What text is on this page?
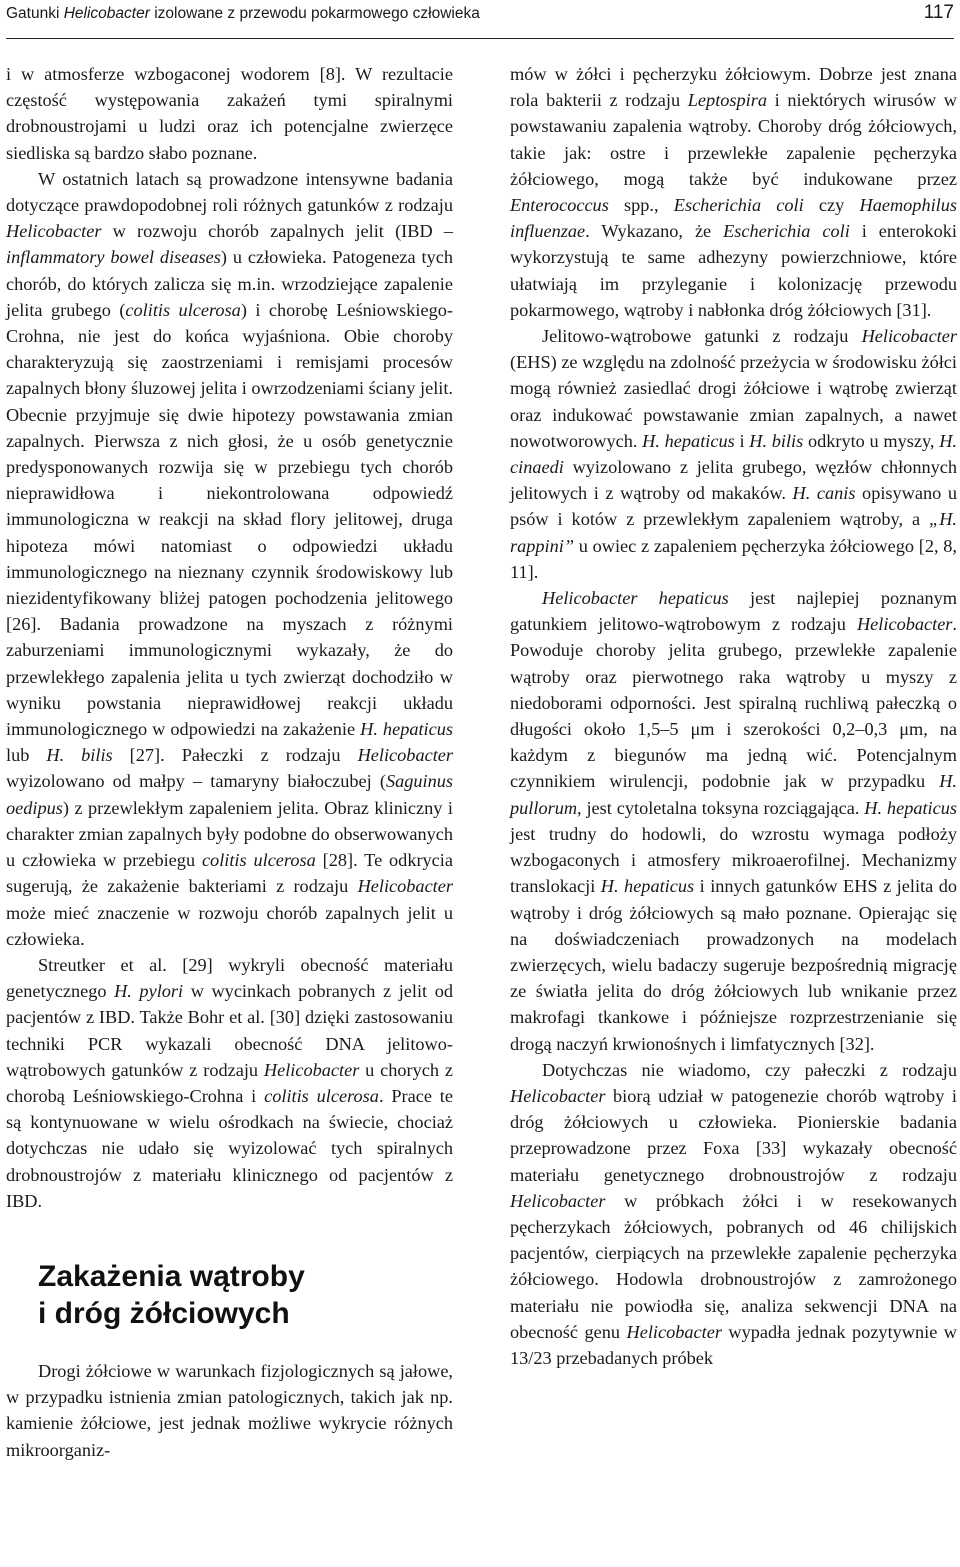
Gatunki Helicobacter izolowane z przewodu pokarmowego człowieka	117

i w atmosferze wzbogaconej wodorem [8]. W rezultacie częstość występowania zakażeń tymi spiralnymi drobnoustrojami u ludzi oraz ich potencjalne zwierzęce siedliska są bardzo słabo poznane.

W ostatnich latach są prowadzone intensywne badania dotyczące prawdopodobnej roli różnych gatunków z rodzaju Helicobacter w rozwoju chorób zapalnych jelit (IBD – inflammatory bowel diseases) u człowieka. Patogeneza tych chorób, do których zalicza się m.in. wrzodziejące zapalenie jelita grubego (colitis ulcerosa) i chorobę Leśniowskiego- Crohna, nie jest do końca wyjaśniona. Obie choroby charakteryzują się zaostrzeniami i remisjami procesów zapalnych błony śluzowej jelita i owrzodzeniami ściany jelit. Obecnie przyjmuje się dwie hipotezy powstawania zmian zapalnych. Pierwsza z nich głosi, że u osób genetycznie predysponowanych rozwija się w przebiegu tych chorób nieprawidłowa i niekontrolowana odpowiedź immunologiczna w reakcji na skład flory jelitowej, druga hipoteza mówi natomiast o odpowiedzi układu immunologicznego na nieznany czynnik środowiskowy lub niezidentyfikowany bliżej patogen pochodzenia jelitowego [26]. Badania prowadzone na myszach z różnymi zaburzeniami immunologicznymi wykazały, że do przewlekłego zapalenia jelita u tych zwierząt dochodziło w wyniku powstania nieprawidłowej reakcji układu immunologicznego w odpowiedzi na zakażenie H. hepaticus lub H. bilis [27]. Pałeczki z rodzaju Helicobacter wyizolowano od małpy – tamaryny białoczubej (Saguinus oedipus) z przewlekłym zapaleniem jelita. Obraz kliniczny i charakter zmian zapalnych były podobne do obserwowanych u człowieka w przebiegu colitis ulcerosa [28]. Te odkrycia sugerują, że zakażenie bakteriami z rodzaju Helicobacter może mieć znaczenie w rozwoju chorób zapalnych jelit u człowieka.

Streutker et al. [29] wykryli obecność materiału genetycznego H. pylori w wycinkach pobranych z jelit od pacjentów z IBD. Także Bohr et al. [30] dzięki zastosowaniu techniki PCR wykazali obecność DNA jelitowo-wątrobowych gatunków z rodzaju Helicobacter u chorych z chorobą Leśniowskiego-Crohna i colitis ulcerosa. Prace te są kontynuowane w wielu ośrodkach na świecie, chociaż dotychczas nie udało się wyizolować tych spiralnych drobnoustrojów z materiału klinicznego od pacjentów z IBD.

Zakażenia wątroby
i dróg żółciowych

Drogi żółciowe w warunkach fizjologicznych są jałowe, w przypadku istnienia zmian patologicznych, takich jak np. kamienie żółciowe, jest jednak możliwe wykrycie różnych mikroorganiz-

mów w żółci i pęcherzyku żółciowym. Dobrze jest znana rola bakterii z rodzaju Leptospira i niektórych wirusów w powstawaniu zapalenia wątroby. Choroby dróg żółciowych, takie jak: ostre i przewlekłe zapalenie pęcherzyka żółciowego, mogą także być indukowane przez Enterococcus spp., Escherichia coli czy Haemophilus influenzae. Wykazano, że Escherichia coli i enterokoki wykorzystują te same adhezyny powierzchniowe, które ułatwiają im przyleganie i kolonizację przewodu pokarmowego, wątroby i nabłonka dróg żółciowych [31].

Jelitowo-wątrobowe gatunki z rodzaju Helicobacter (EHS) ze względu na zdolność przeżycia w środowisku żółci mogą również zasiedlać drogi żółciowe i wątrobę zwierząt oraz indukować powstawanie zmian zapalnych, a nawet nowotworowych. H. hepaticus i H. bilis odkryto u myszy, H. cinaedi wyizolowano z jelita grubego, węzłów chłonnych jelitowych i z wątroby od makaków. H. canis opisywano u psów i kotów z przewlekłym zapaleniem wątroby, a „H. rappini” u owiec z zapaleniem pęcherzyka żółciowego [2, 8, 11].

Helicobacter hepaticus jest najlepiej poznanym gatunkiem jelitowo-wątrobowym z rodzaju Helicobacter. Powoduje choroby jelita grubego, przewlekłe zapalenie wątroby oraz pierwotnego raka wątroby u myszy z niedoborami odporności. Jest spiralną ruchliwą pałeczką o długości około 1,5–5 μm i szerokości 0,2–0,3 μm, na każdym z biegunów ma jedną wić. Potencjalnym czynnikiem wirulencji, podobnie jak w przypadku H. pullorum, jest cytoletalna toksyna rozciągająca. H. hepaticus jest trudny do hodowli, do wzrostu wymaga podłoży wzbogaconych i atmosfery mikroaerofilnej. Mechanizmy translokacji H. hepaticus i innych gatunków EHS z jelita do wątroby i dróg żółciowych są mało poznane. Opierając się na doświadczeniach prowadzonych na modelach zwierzęcych, wielu badaczy sugeruje bezpośrednią migrację ze światła jelita do dróg żółciowych lub wnikanie przez makrofagi tkankowe i późniejsze rozprzestrzenianie się drogą naczyń krwionośnych i limfatycznych [32].

Dotychczas nie wiadomo, czy pałeczki z rodzaju Helicobacter biorą udział w patogenezie chorób wątroby i dróg żółciowych u człowieka. Pionierskie badania przeprowadzone przez Foxa [33] wykazały obecność materiału genetycznego drobnoustrojów z rodzaju Helicobacter w próbkach żółci i w resekowanych pęcherzykach żółciowych, pobranych od 46 chilijskich pacjentów, cierpiących na przewlekłe zapalenie pęcherzyka żółciowego. Hodowla drobnoustrojów z zamrożonego materiału nie powiodła się, analiza sekwencji DNA na obecność genu Helicobacter wypadła jednak pozytywnie w 13/23 przebadanych próbek
